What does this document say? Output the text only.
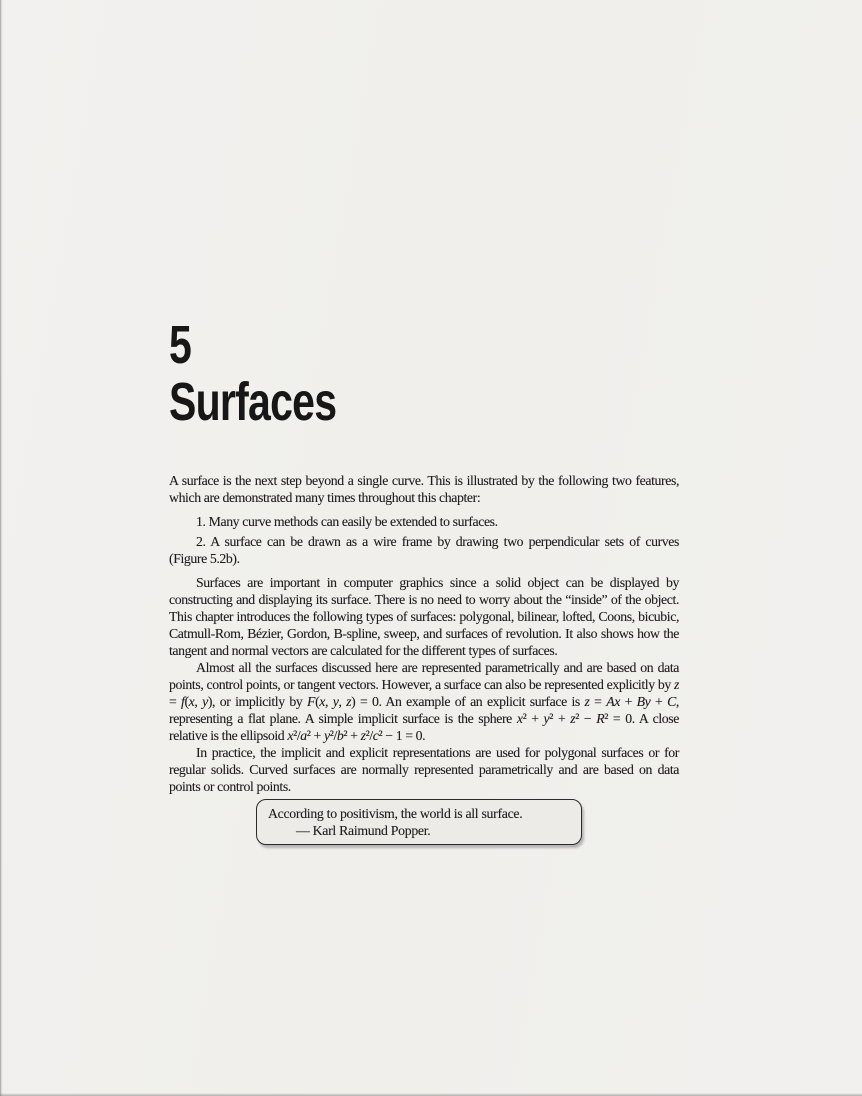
5
Surfaces

A surface is the next step beyond a single curve. This is illustrated by the following two features, which are demonstrated many times throughout this chapter:

1. Many curve methods can easily be extended to surfaces.

2. A surface can be drawn as a wire frame by drawing two perpendicular sets of curves (Figure 5.2b).

Surfaces are important in computer graphics since a solid object can be displayed by constructing and displaying its surface. There is no need to worry about the “inside” of the object. This chapter introduces the following types of surfaces: polygonal, bilinear, lofted, Coons, bicubic, Catmull-Rom, Bézier, Gordon, B-spline, sweep, and surfaces of revolution. It also shows how the tangent and normal vectors are calculated for the different types of surfaces.

Almost all the surfaces discussed here are represented parametrically and are based on data points, control points, or tangent vectors. However, a surface can also be represented explicitly by z = f(x, y), or implicitly by F(x, y, z) = 0. An example of an explicit surface is z = Ax + By + C, representing a flat plane. A simple implicit surface is the sphere x² + y² + z² − R² = 0. A close relative is the ellipsoid x²/a² + y²/b² + z²/c² − 1 = 0.

In practice, the implicit and explicit representations are used for polygonal surfaces or for regular solids. Curved surfaces are normally represented parametrically and are based on data points or control points.

According to positivism, the world is all surface.
— Karl Raimund Popper.
